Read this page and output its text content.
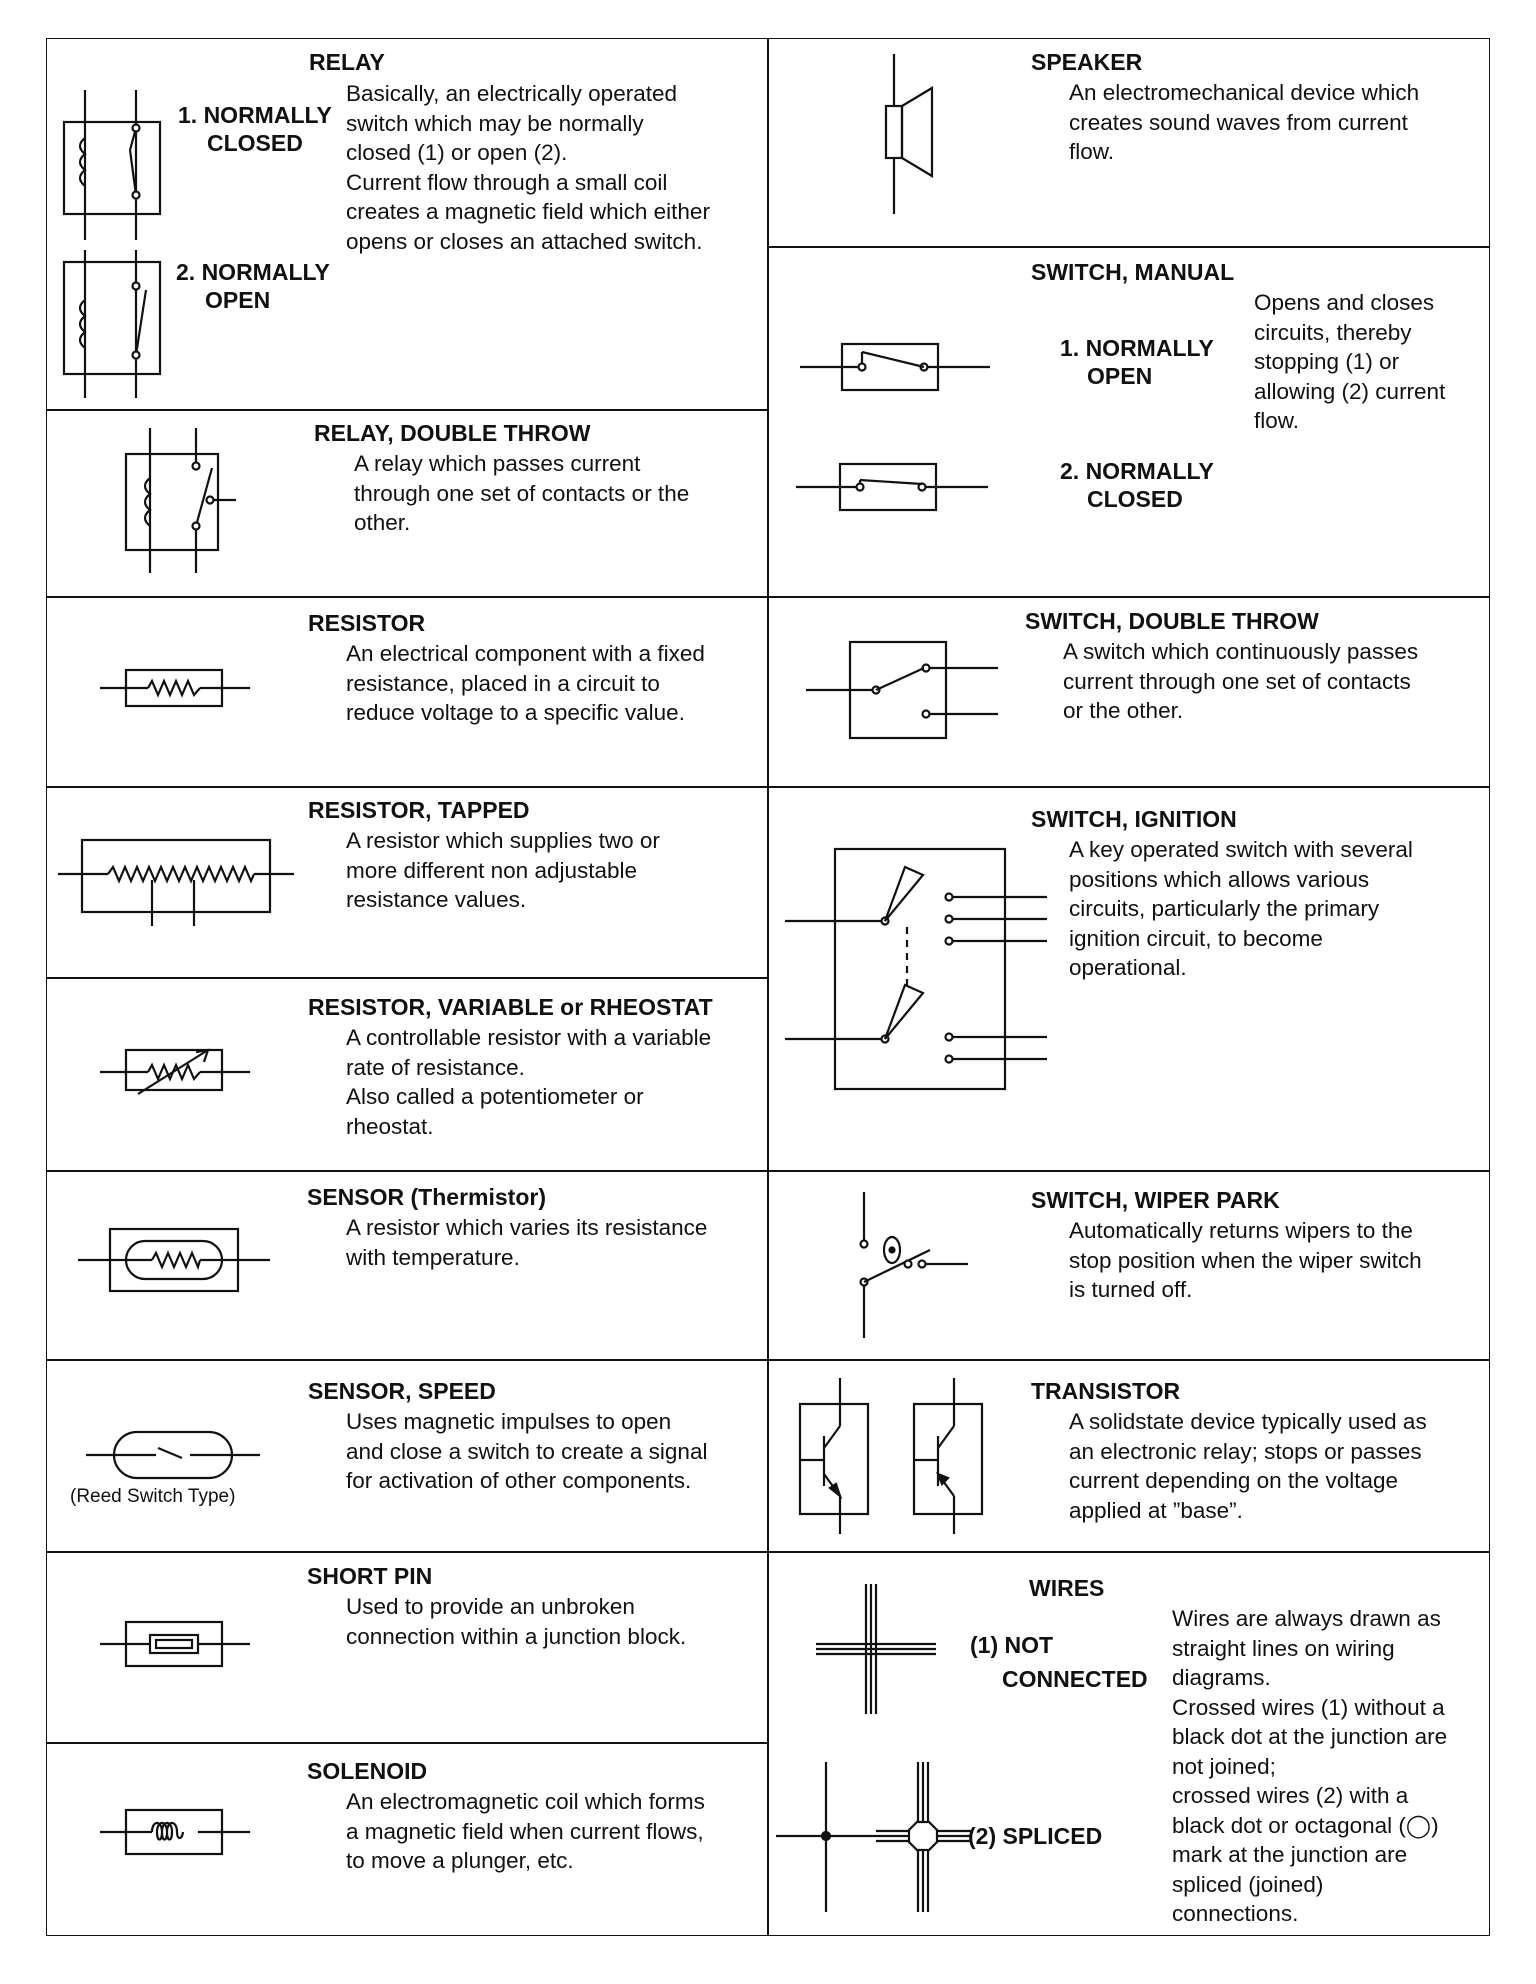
RELAY
Basically, an electrically operated
switch which may be normally
closed (1) or open (2).
Current flow through a small coil
creates a magnetic field which either
opens or closes an attached switch.
1. NORMALLY
CLOSED
2. NORMALLY
OPEN
RELAY, DOUBLE THROW
A relay which passes current
through one set of contacts or the
other.
RESISTOR
An electrical component with a fixed
resistance, placed in a circuit to
reduce voltage to a specific value.
RESISTOR, TAPPED
A resistor which supplies two or
more different non adjustable
resistance values.
RESISTOR, VARIABLE or RHEOSTAT
A controllable resistor with a variable
rate of resistance.
Also called a potentiometer or
rheostat.
SENSOR (Thermistor)
A resistor which varies its resistance
with temperature.
SENSOR, SPEED
Uses magnetic impulses to open
and close a switch to create a signal
for activation of other components.
(Reed Switch Type)
SHORT PIN
Used to provide an unbroken
connection within a junction block.
SOLENOID
An electromagnetic coil which forms
a magnetic field when current flows,
to move a plunger, etc.
SPEAKER
An electromechanical device which
creates sound waves from current
flow.
SWITCH, MANUAL
Opens and closes
circuits, thereby
stopping (1) or
allowing (2) current
flow.
1. NORMALLY
OPEN
2. NORMALLY
CLOSED
SWITCH, DOUBLE THROW
A switch which continuously passes
current through one set of contacts
or the other.
SWITCH, IGNITION
A key operated switch with several
positions which allows various
circuits, particularly the primary
ignition circuit, to become
operational.
SWITCH, WIPER PARK
Automatically returns wipers to the
stop position when the wiper switch
is turned off.
TRANSISTOR
A solidstate device typically used as
an electronic relay; stops or passes
current depending on the voltage
applied at ”base”.
WIRES
Wires are always drawn as
straight lines on wiring
diagrams.
Crossed wires (1) without a
black dot at the junction are
not joined;
crossed wires (2) with a
black dot or octagonal (◯)
mark at the junction are
spliced (joined)
connections.
(1) NOT
CONNECTED
(2) SPLICED
